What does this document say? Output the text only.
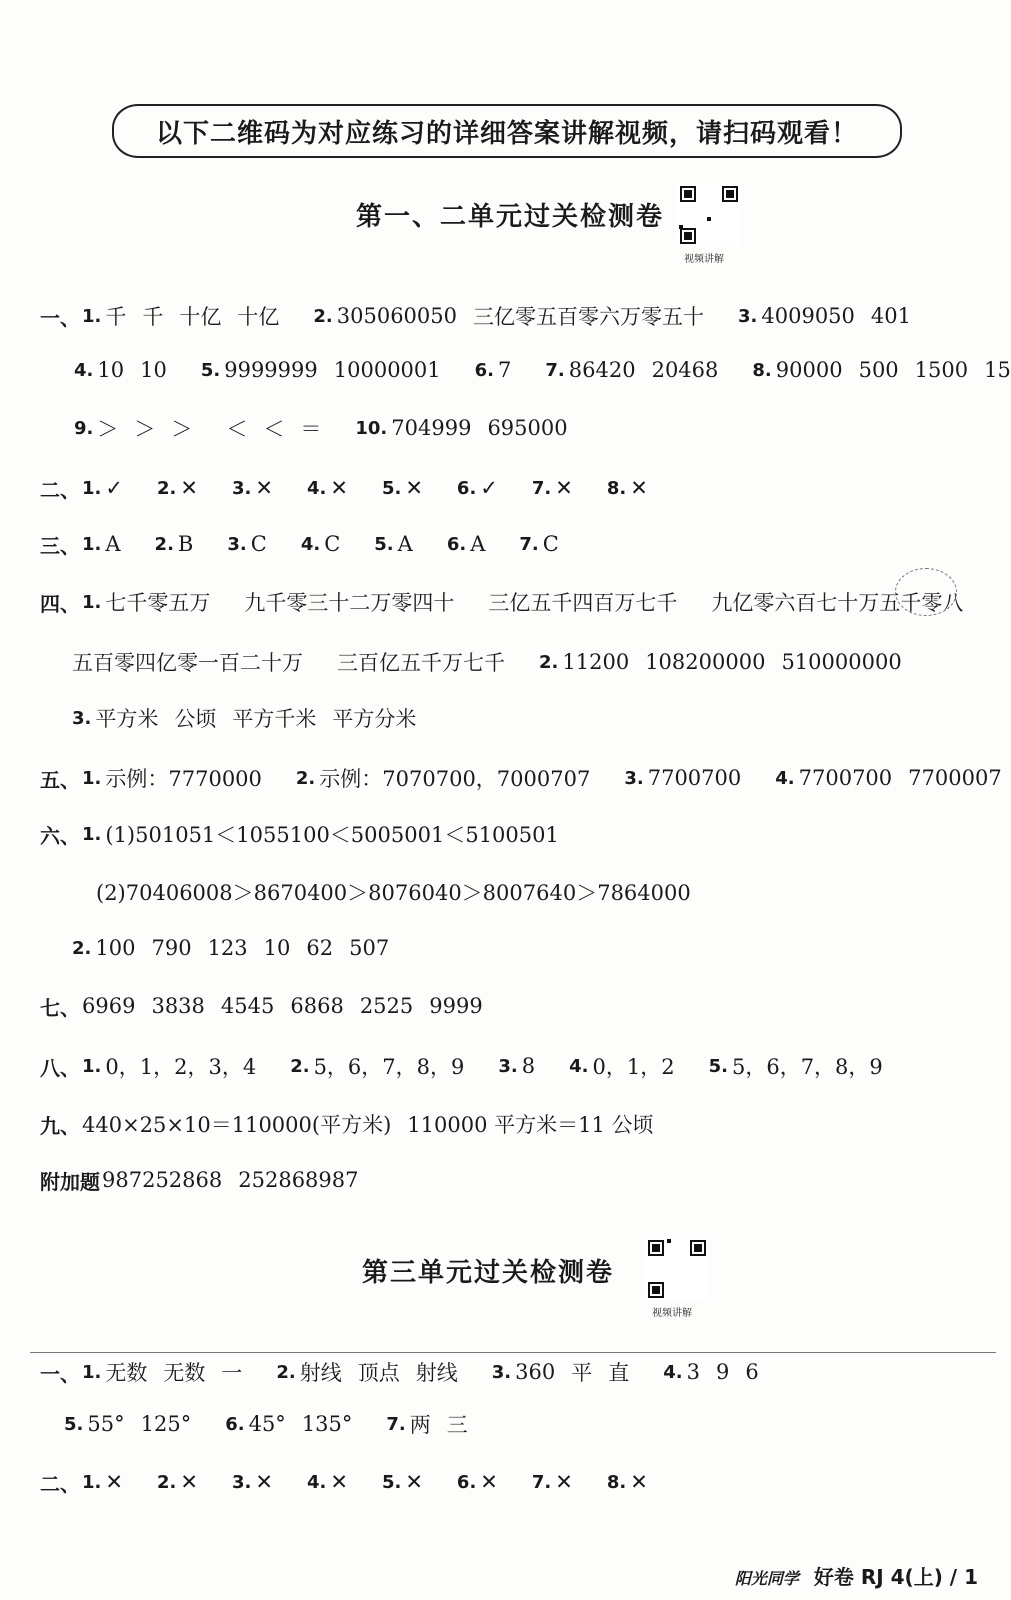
以下二维码为对应练习的详细答案讲解视频，请扫码观看！
第一、二单元过关检测卷
视频讲解
一、 1. 千 千 十亿 十亿 2. 305060050 三亿零五百零六万零五十 3. 4009050 401
4. 10 10 5. 9999999 10000001 6. 7 7. 86420 20468 8. 90000 500 1500 15
9. ＞ ＞ ＞ ＜ ＜ ＝ 10. 704999 695000
二、 1. ✓ 2. ✕ 3. ✕ 4. ✕ 5. ✕ 6. ✓ 7. ✕ 8. ✕
三、 1. A 2. B 3. C 4. C 5. A 6. A 7. C
四、 1. 七千零五万 九千零三十二万零四十 三亿五千四百万七千 九亿零六百七十万五千零八
五百零四亿零一百二十万 三百亿五千万七千 2. 11200 108200000 510000000
3. 平方米 公顷 平方千米 平方分米
五、 1. 示例：7770000 2. 示例：7070700，7000707 3. 7700700 4. 7700700 7700007
六、 1. (1)501051＜1055100＜5005001＜5100501
(2)70406008＞8670400＞8076040＞8007640＞7864000
2. 100 790 123 10 62 507
七、 6969 3838 4545 6868 2525 9999
八、 1. 0，1，2，3，4 2. 5，6，7，8，9 3. 8 4. 0，1，2 5. 5，6，7，8，9
九、 440×25×10＝110000(平方米) 110000 平方米＝11 公顷
附加题 987252868 252868987
第三单元过关检测卷
视频讲解
一、 1. 无数 无数 一 2. 射线 顶点 射线 3. 360 平 直 4. 3 9 6
5. 55° 125° 6. 45° 135° 7. 两 三
二、 1. ✕ 2. ✕ 3. ✕ 4. ✕ 5. ✕ 6. ✕ 7. ✕ 8. ✕
阳光同学 好卷 RJ 4(上) / 1
